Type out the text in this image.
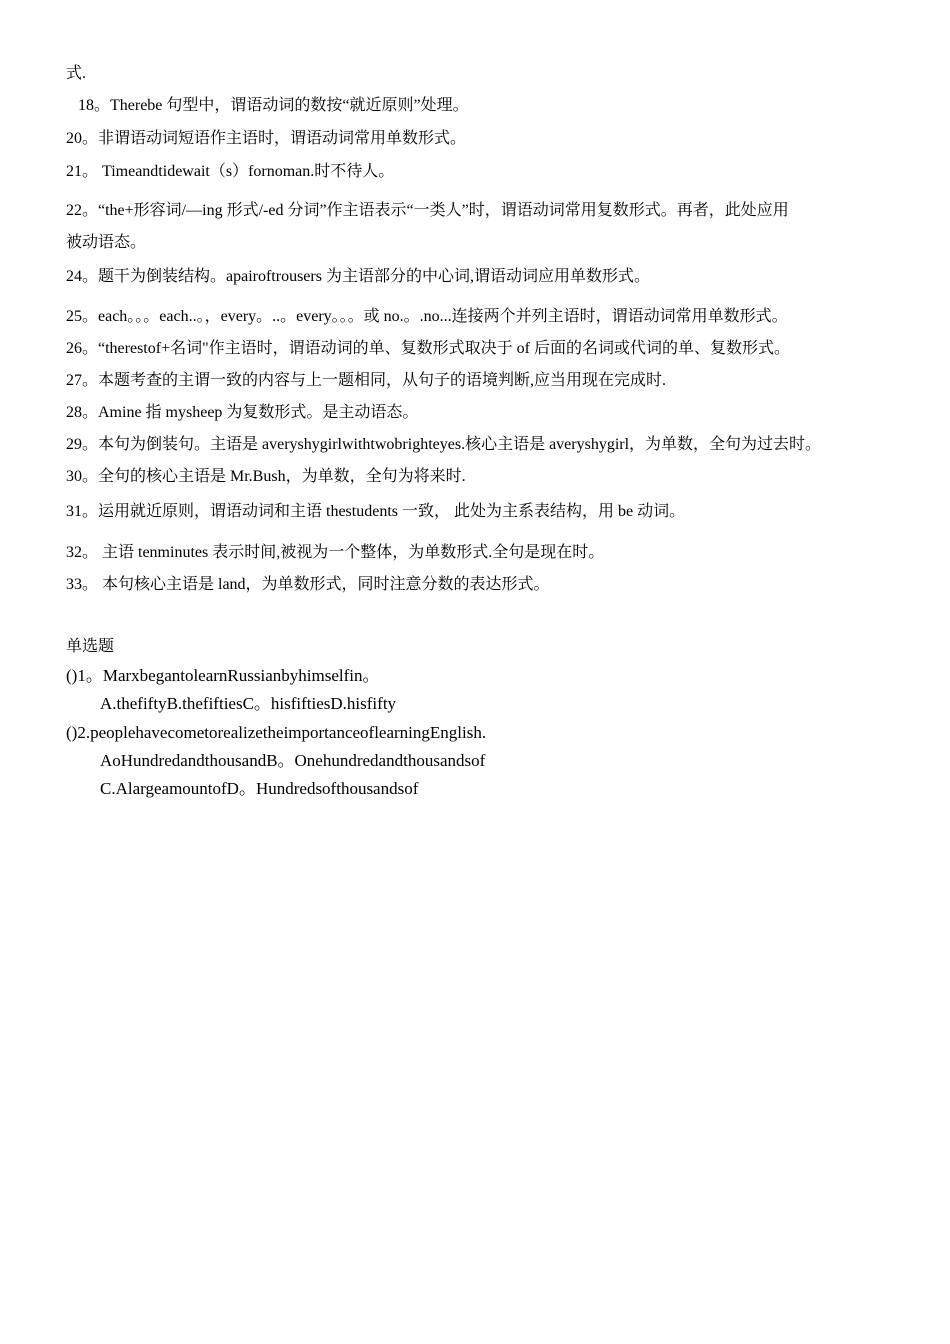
式.
18。Therebe 句型中，谓语动词的数按“就近原则”处理。
20。非谓语动词短语作主语时，谓语动词常用单数形式。
21。 Timeandtidewait（s）fornoman.时不待人。
22。“the+形容词/—ing 形式/-ed 分词”作主语表示“一类人”时，谓语动词常用复数形式。再者，此处应用
被动语态。
24。题干为倒装结构。apairoftrousers 为主语部分的中心词,谓语动词应用单数形式。
25。each。。。each..。，every。..。every。。。或 no.。.no...连接两个并列主语时，谓语动词常用单数形式。
26。“therestof+名词"作主语时，谓语动词的单、复数形式取决于 of 后面的名词或代词的单、复数形式。
27。本题考查的主谓一致的内容与上一题相同，从句子的语境判断,应当用现在完成时.
28。Amine 指 mysheep 为复数形式。是主动语态。
29。本句为倒装句。主语是 averyshygirlwithtwobrighteyes.核心主语是 averyshygirl，为单数，全句为过去时。
30。全句的核心主语是 Mr.Bush，为单数，全句为将来时.
31。运用就近原则，谓语动词和主语 thestudents 一致， 此处为主系表结构，用 be 动词。
32。 主语 tenminutes 表示时间,被视为一个整体，为单数形式.全句是现在时。
33。 本句核心主语是 land，为单数形式，同时注意分数的表达形式。
单选题
()1。MarxbegantolearnRussianbyhimselfin。
A.thefiftyB.thefiftiesC。hisfiftiesD.hisfifty
()2.peoplehavecometorealizetheimportanceoflearningEnglish.
AoHundredandthousandB。Onehundredandthousandsof
C.AlargeamountofD。Hundredsofthousandsof
